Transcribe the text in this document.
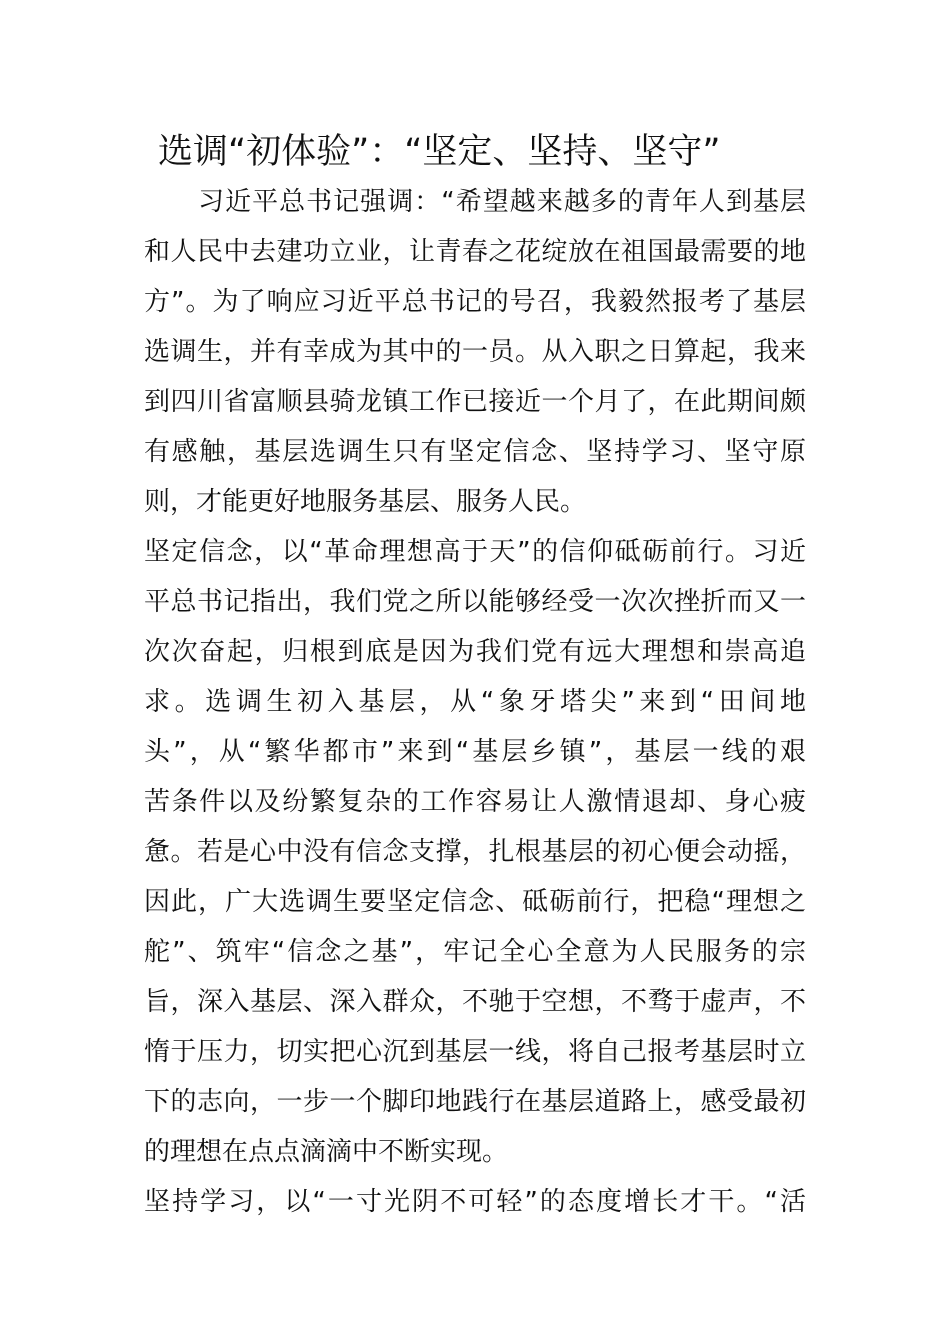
选调“初体验”：“坚定、坚持、坚守”
　　习近平总书记强调：“希望越来越多的青年人到基层
和人民中去建功立业，让青春之花绽放在祖国最需要的地
方”。为了响应习近平总书记的号召，我毅然报考了基层
选调生，并有幸成为其中的一员。从入职之日算起，我来
到四川省富顺县骑龙镇工作已接近一个月了，在此期间颇
有感触，基层选调生只有坚定信念、坚持学习、坚守原
则，才能更好地服务基层、服务人民。
坚定信念，以“革命理想高于天”的信仰砥砺前行。习近
平总书记指出，我们党之所以能够经受一次次挫折而又一
次次奋起，归根到底是因为我们党有远大理想和崇高追
求。选调生初入基层，从“象牙塔尖”来到“田间地
头”，从“繁华都市”来到“基层乡镇”，基层一线的艰
苦条件以及纷繁复杂的工作容易让人激情退却、身心疲
惫。若是心中没有信念支撑，扎根基层的初心便会动摇，
因此，广大选调生要坚定信念、砥砺前行，把稳“理想之
舵”、筑牢“信念之基”，牢记全心全意为人民服务的宗
旨，深入基层、深入群众，不驰于空想，不骛于虚声，不
惰于压力，切实把心沉到基层一线，将自己报考基层时立
下的志向，一步一个脚印地践行在基层道路上，感受最初
的理想在点点滴滴中不断实现。
坚持学习，以“一寸光阴不可轻”的态度增长才干。“活
